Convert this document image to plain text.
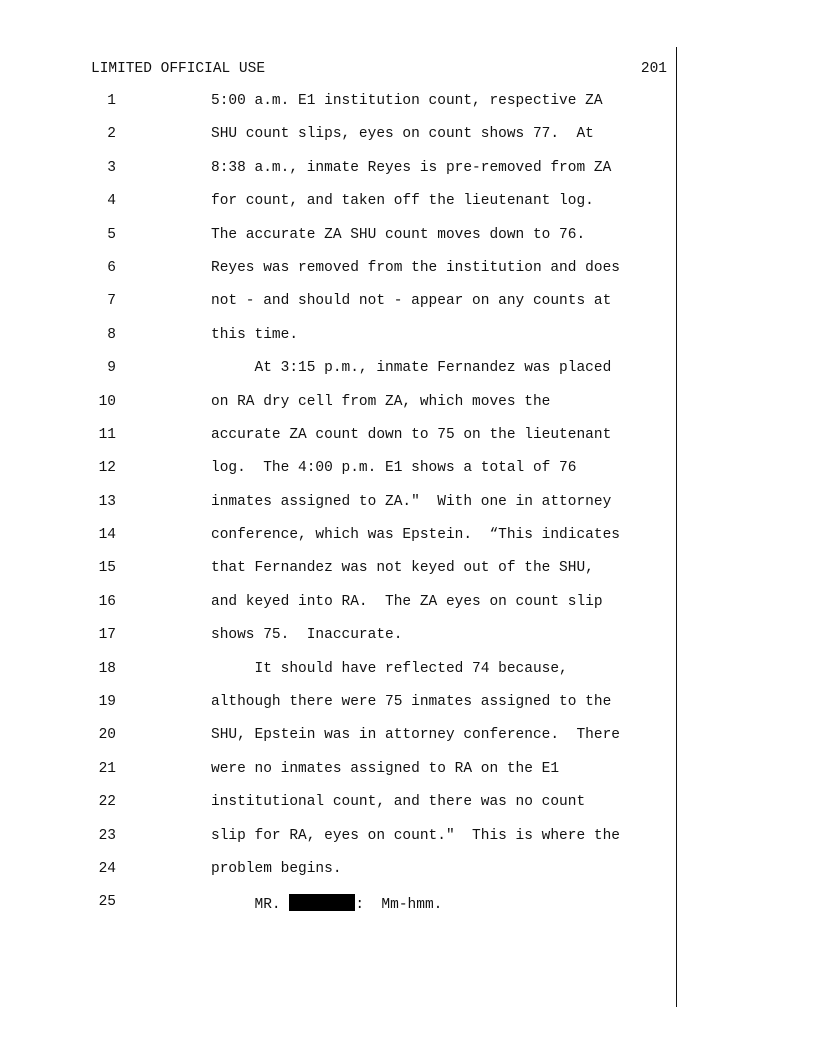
LIMITED OFFICIAL USE	201
1	5:00 a.m. E1 institution count, respective ZA
2	SHU count slips, eyes on count shows 77.  At
3	8:38 a.m., inmate Reyes is pre-removed from ZA
4	for count, and taken off the lieutenant log.
5	The accurate ZA SHU count moves down to 76.
6	Reyes was removed from the institution and does
7	not - and should not - appear on any counts at
8	this time.
9	At 3:15 p.m., inmate Fernandez was placed
10	on RA dry cell from ZA, which moves the
11	accurate ZA count down to 75 on the lieutenant
12	log.  The 4:00 p.m. E1 shows a total of 76
13	inmates assigned to ZA."  With one in attorney
14	conference, which was Epstein.  “This indicates
15	that Fernandez was not keyed out of the SHU,
16	and keyed into RA.  The ZA eyes on count slip
17	shows 75.  Inaccurate.
18	It should have reflected 74 because,
19	although there were 75 inmates assigned to the
20	SHU, Epstein was in attorney conference.  There
21	were no inmates assigned to RA on the E1
22	institutional count, and there was no count
23	slip for RA, eyes on count."  This is where the
24	problem begins.
25	MR.	:  Mm-hmm.
